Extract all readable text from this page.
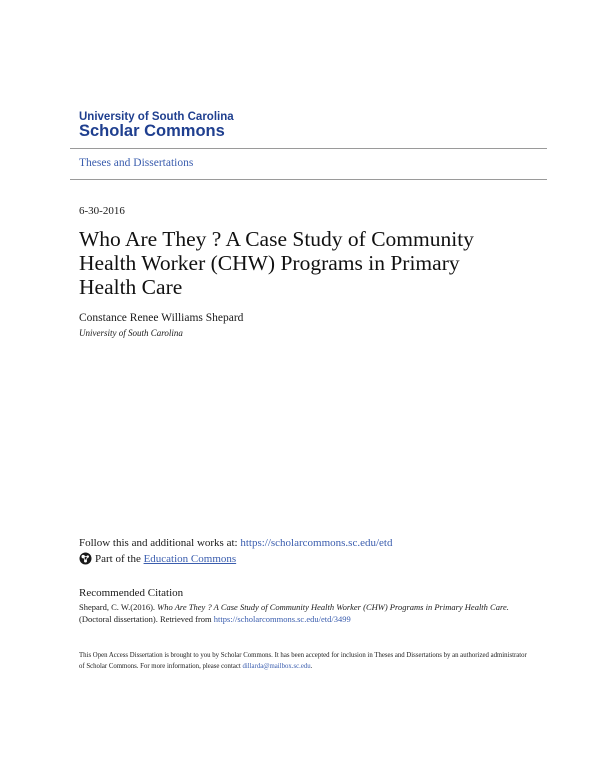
University of South Carolina
Scholar Commons
Theses and Dissertations
6-30-2016
Who Are They ? A Case Study of Community Health Worker (CHW) Programs in Primary Health Care
Constance Renee Williams Shepard
University of South Carolina
Follow this and additional works at: https://scholarcommons.sc.edu/etd
Part of the
Education Commons
Recommended Citation
Shepard, C. W.(2016). Who Are They ? A Case Study of Community Health Worker (CHW) Programs in Primary Health Care. (Doctoral dissertation). Retrieved from https://scholarcommons.sc.edu/etd/3499
This Open Access Dissertation is brought to you by Scholar Commons. It has been accepted for inclusion in Theses and Dissertations by an authorized administrator of Scholar Commons. For more information, please contact dillarda@mailbox.sc.edu.
